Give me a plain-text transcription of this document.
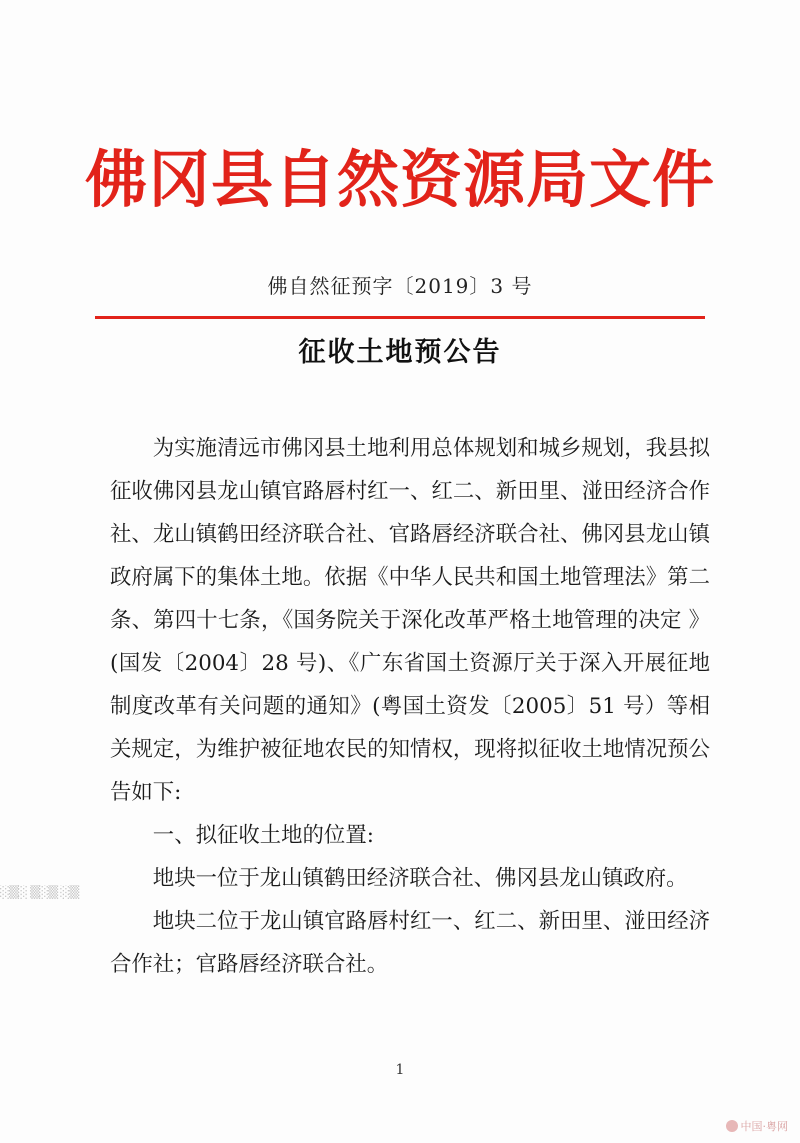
佛冈县自然资源局文件
佛自然征预字〔2019〕3 号
征收土地预公告

为实施清远市佛冈县土地利用总体规划和城乡规划，我县拟征收佛冈县龙山镇官路唇村红一、红二、新田里、湴田经济合作社、龙山镇鹤田经济联合社、官路唇经济联合社、佛冈县龙山镇政府属下的集体土地。依据《中华人民共和国土地管理法》第二条、第四十七条，《国务院关于深化改革严格土地管理的决定 》(国发〔2004〕28 号)、《广东省国土资源厅关于深入开展征地制度改革有关问题的通知》(粤国土资发〔2005〕51 号）等相关规定，为维护被征地农民的知情权，现将拟征收土地情况预公告如下:

一、拟征收土地的位置:

地块一位于龙山镇鹤田经济联合社、佛冈县龙山镇政府。

地块二位于龙山镇官路唇村红一、红二、新田里、湴田经济合作社；官路唇经济联合社。

░▒░ ▒░▒ ░▒
1
中国·粤网
